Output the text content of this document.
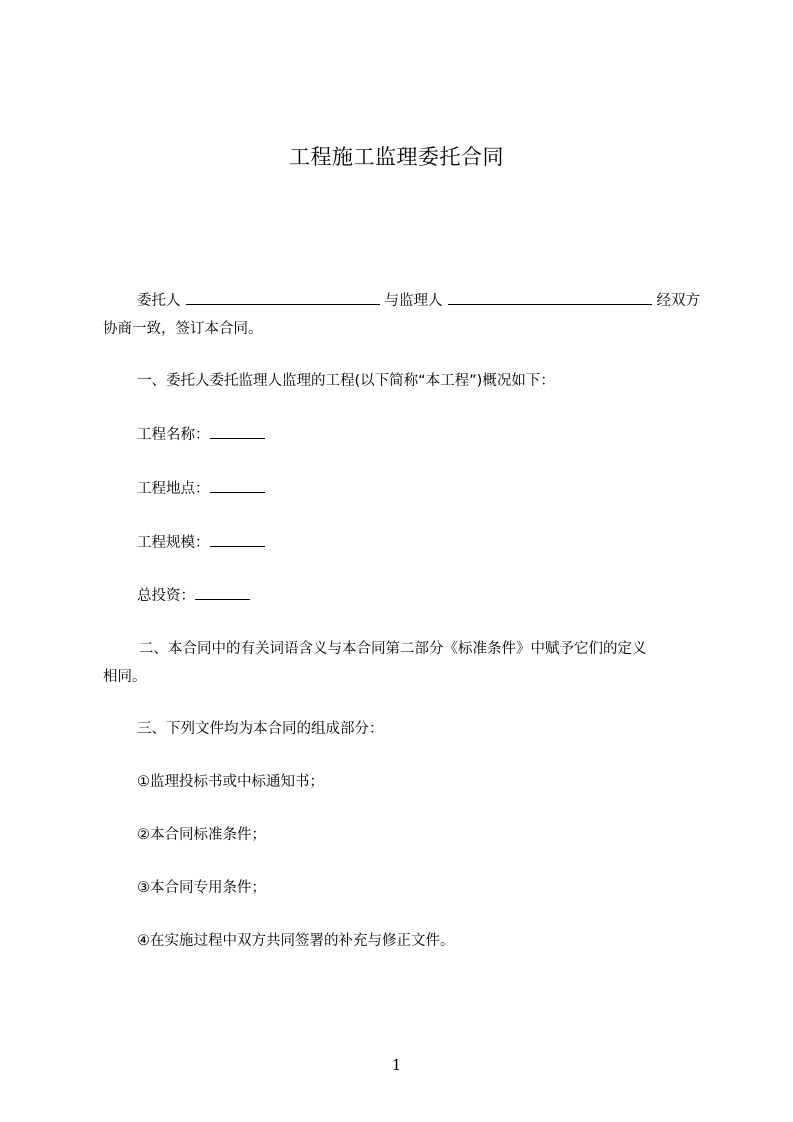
工程施工监理委托合同
委托人	与监理人	经双方
协商一致，签订本合同。
一、委托人委托监理人监理的工程(以下简称“本工程”)概况如下：
工程名称：
工程地点：
工程规模：
总投资：
二、本合同中的有关词语含义与本合同第二部分《标准条件》中赋予它们的定义
相同。
三、下列文件均为本合同的组成部分：
①监理投标书或中标通知书；
②本合同标准条件；
③本合同专用条件；
④在实施过程中双方共同签署的补充与修正文件。
1
